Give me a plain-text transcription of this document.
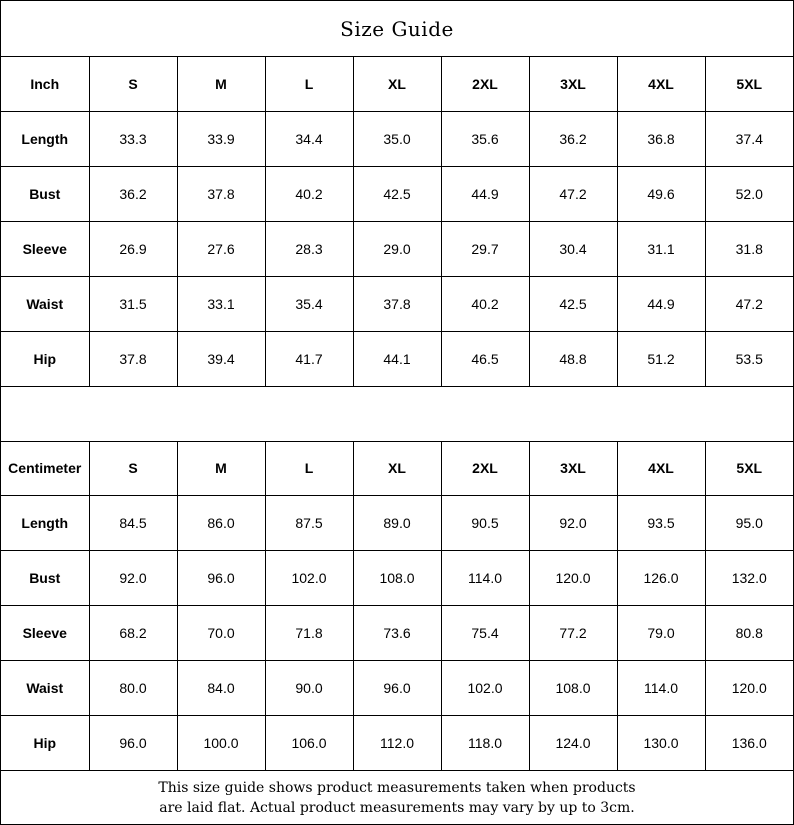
Size Guide
Inch	S	M	L	XL	2XL	3XL	4XL	5XL
Length	33.3	33.9	34.4	35.0	35.6	36.2	36.8	37.4
Bust	36.2	37.8	40.2	42.5	44.9	47.2	49.6	52.0
Sleeve	26.9	27.6	28.3	29.0	29.7	30.4	31.1	31.8
Waist	31.5	33.1	35.4	37.8	40.2	42.5	44.9	47.2
Hip	37.8	39.4	41.7	44.1	46.5	48.8	51.2	53.5
Centimeter	S	M	L	XL	2XL	3XL	4XL	5XL
Length	84.5	86.0	87.5	89.0	90.5	92.0	93.5	95.0
Bust	92.0	96.0	102.0	108.0	114.0	120.0	126.0	132.0
Sleeve	68.2	70.0	71.8	73.6	75.4	77.2	79.0	80.8
Waist	80.0	84.0	90.0	96.0	102.0	108.0	114.0	120.0
Hip	96.0	100.0	106.0	112.0	118.0	124.0	130.0	136.0
This size guide shows product measurements taken when products
are laid flat. Actual product measurements may vary by up to 3cm.
